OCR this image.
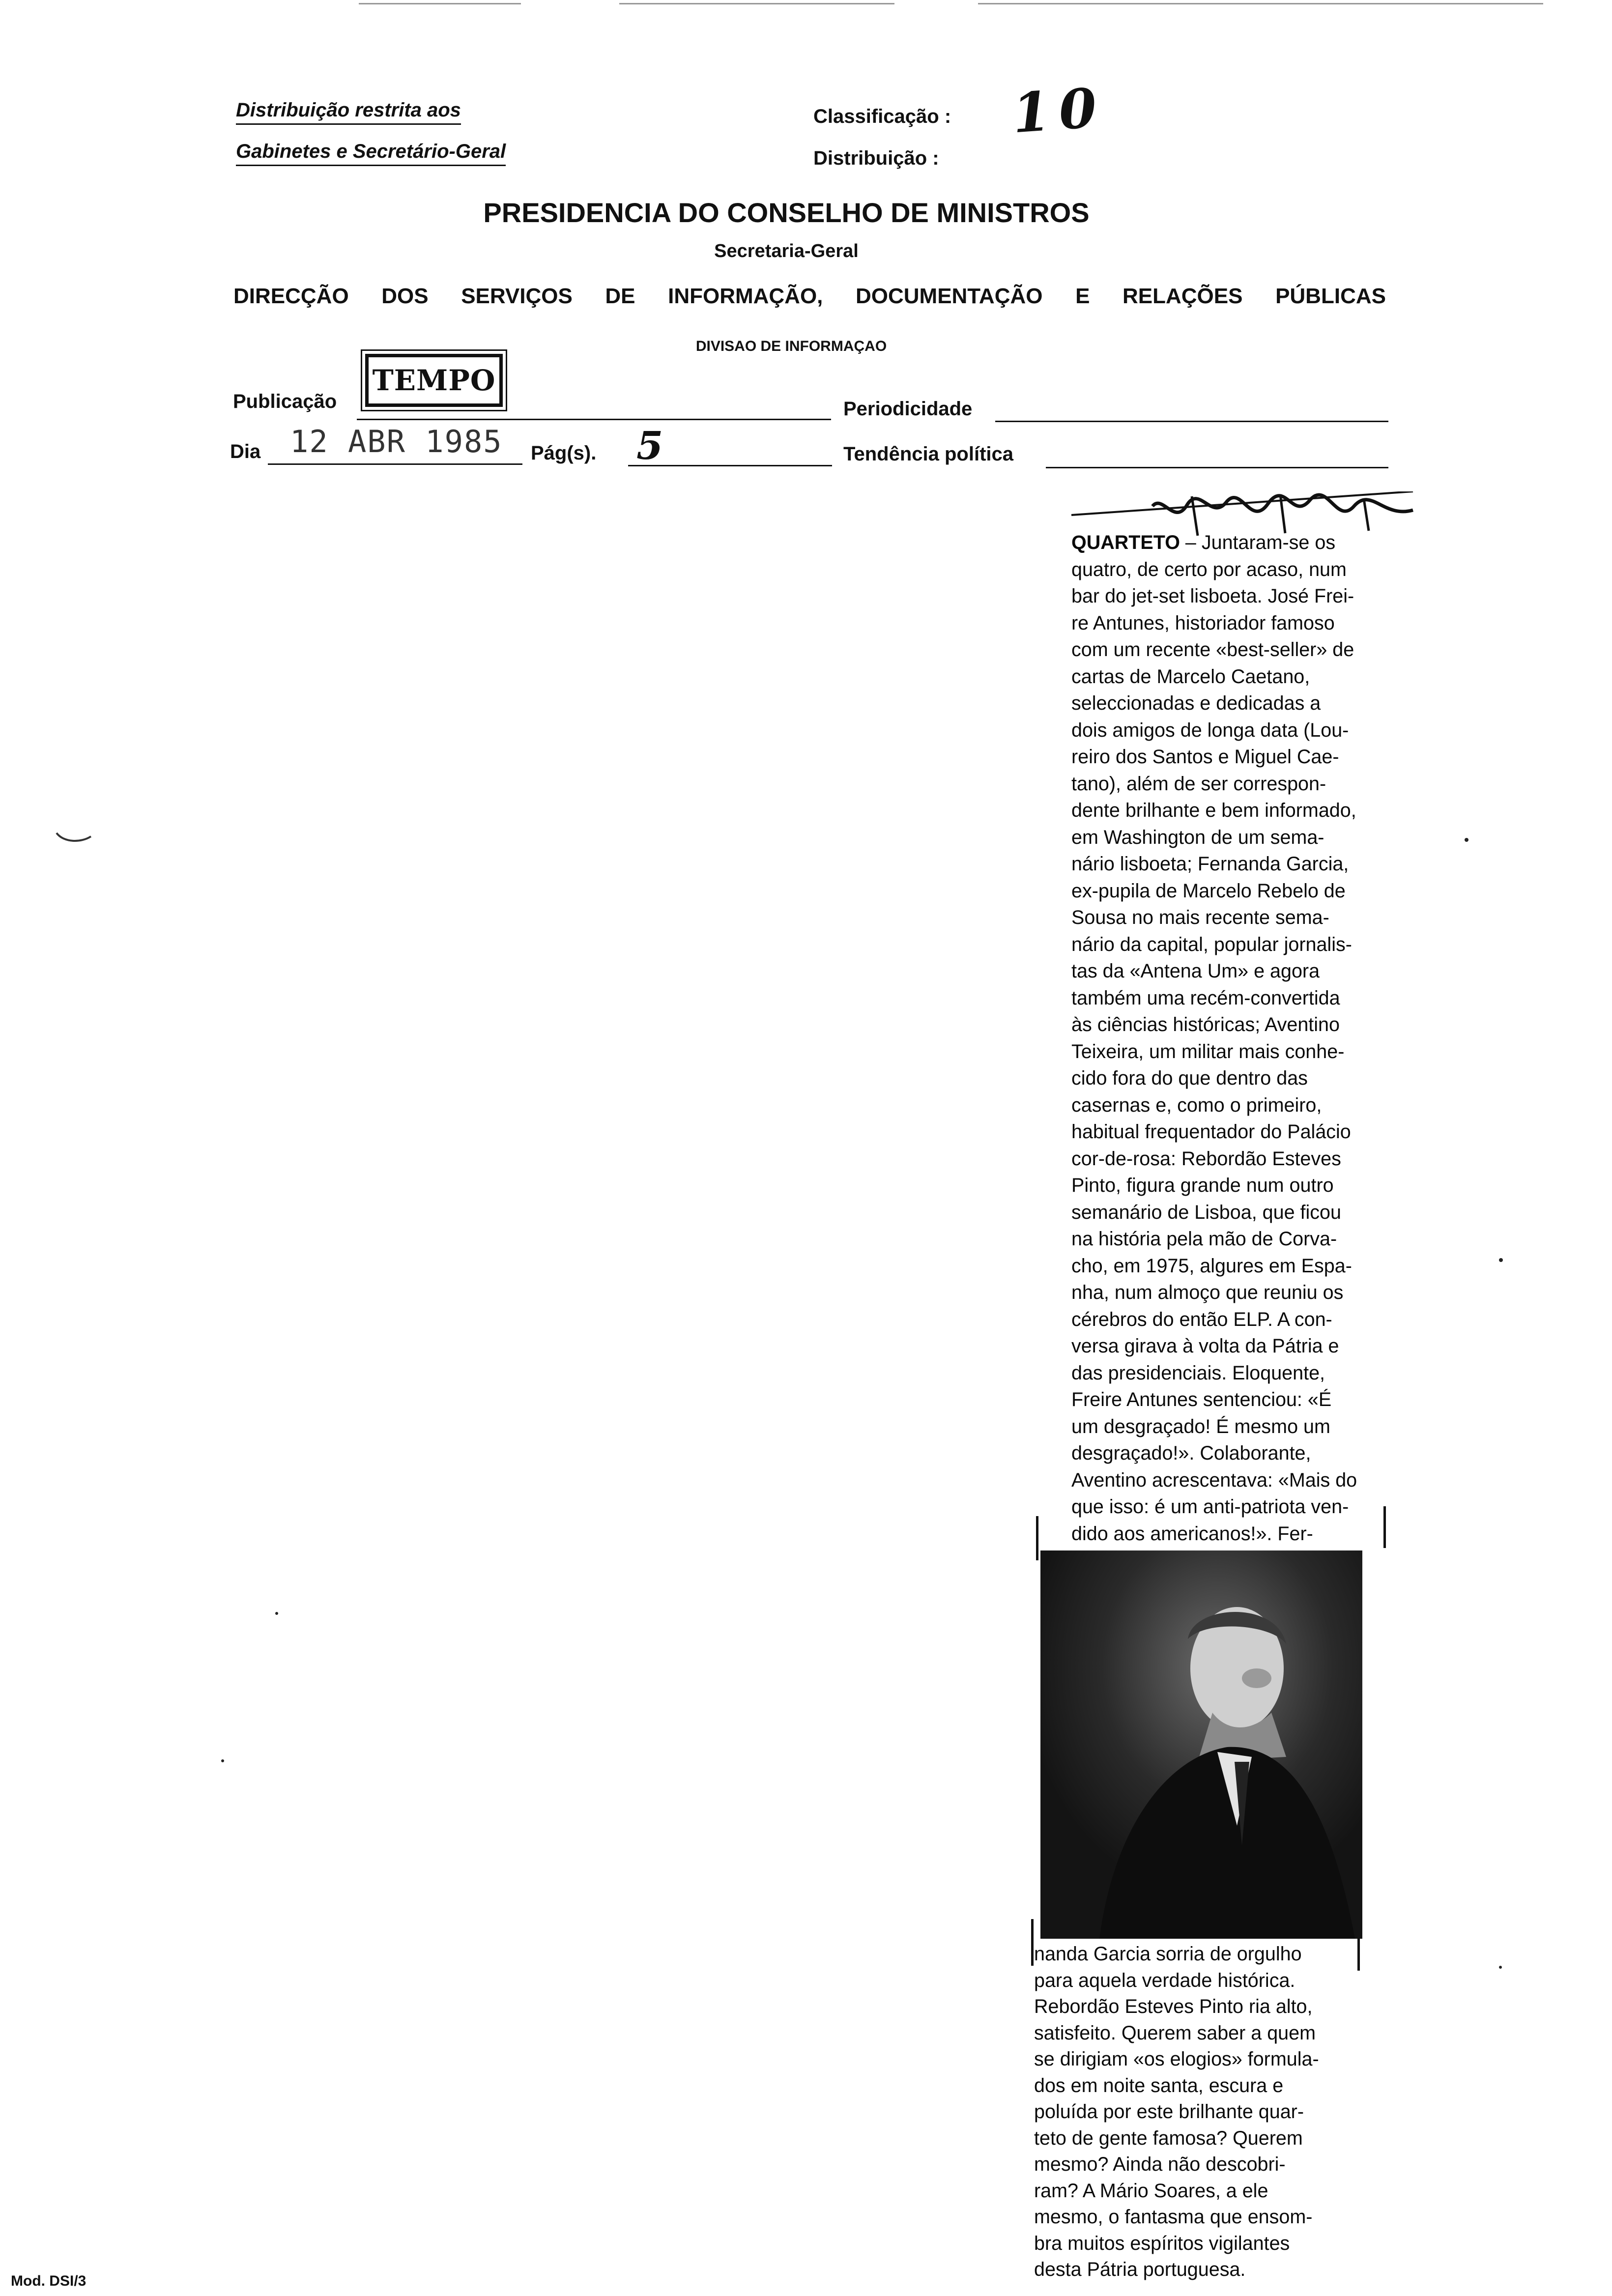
Distribuição restrita aos
Gabinetes e Secretário-Geral
Classificação : 10
Distribuição :
PRESIDENCIA DO CONSELHO DE MINISTROS
Secretaria-Geral
DIRECÇÃO DOS SERVIÇOS DE INFORMAÇÃO, DOCUMENTAÇÃO E RELAÇÕES PÚBLICAS
DIVISAO DE INFORMAÇAO
Publicação
TEMPO
Periodicidade
Dia 12 ABR 1985 Pág(s). 5	Tendência política
QUARTETO – Juntaram-se os
quatro, de certo por acaso, num
bar do jet-set lisboeta. José Frei-
re Antunes, historiador famoso
com um recente «best-seller» de
cartas de Marcelo Caetano,
seleccionadas e dedicadas a
dois amigos de longa data (Lou-
reiro dos Santos e Miguel Cae-
tano), além de ser correspon-
dente brilhante e bem informado,
em Washington de um sema-
nário lisboeta; Fernanda Garcia,
ex-pupila de Marcelo Rebelo de
Sousa no mais recente sema-
nário da capital, popular jornalis-
tas da «Antena Um» e agora
também uma recém-convertida
às ciências históricas; Aventino
Teixeira, um militar mais conhe-
cido fora do que dentro das
casernas e, como o primeiro,
habitual frequentador do Palácio
cor-de-rosa: Rebordão Esteves
Pinto, figura grande num outro
semanário de Lisboa, que ficou
na história pela mão de Corva-
cho, em 1975, algures em Espa-
nha, num almoço que reuniu os
cérebros do então ELP. A con-
versa girava à volta da Pátria e
das presidenciais. Eloquente,
Freire Antunes sentenciou: «É
um desgraçado! É mesmo um
desgraçado!». Colaborante,
Aventino acrescentava: «Mais do
que isso: é um anti-patriota ven-
dido aos americanos!». Fer-
nanda Garcia sorria de orgulho
para aquela verdade histórica.
Rebordão Esteves Pinto ria alto,
satisfeito. Querem saber a quem
se dirigiam «os elogios» formula-
dos em noite santa, escura e
poluída por este brilhante quar-
teto de gente famosa? Querem
mesmo? Ainda não descobri-
ram? A Mário Soares, a ele
mesmo, o fantasma que ensom-
bra muitos espíritos vigilantes
desta Pátria portuguesa.
Mod. DSI/3
